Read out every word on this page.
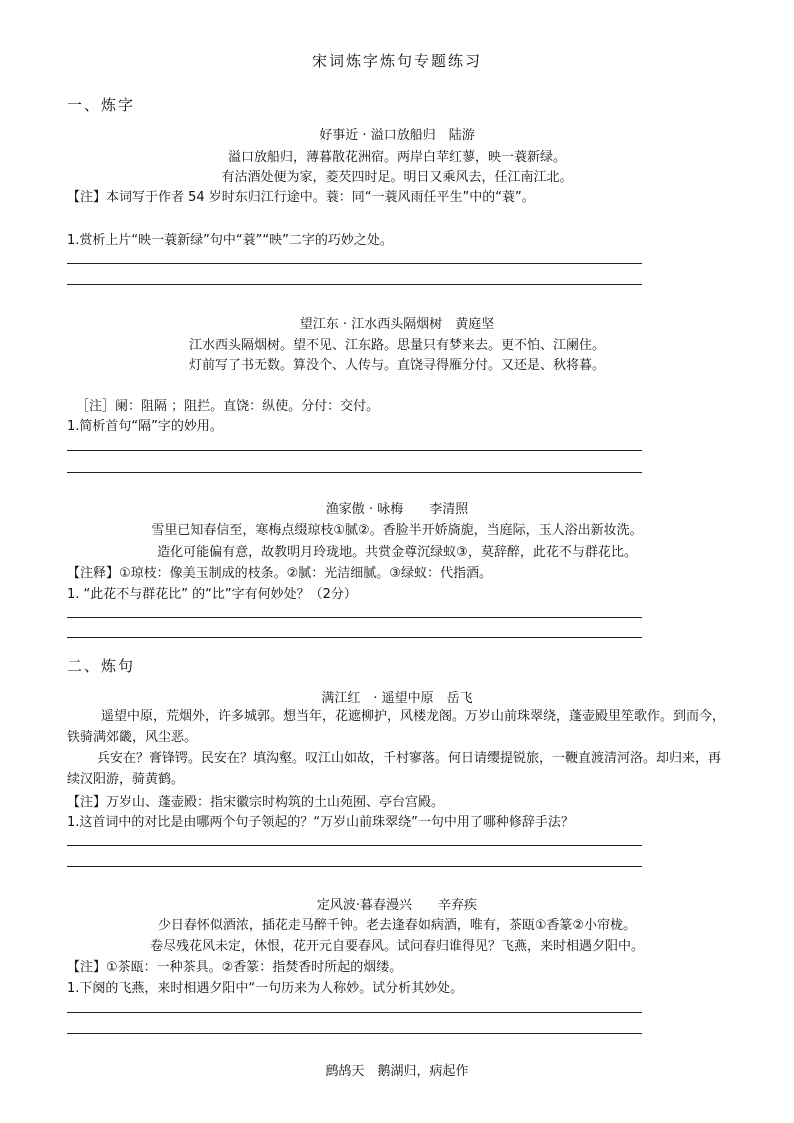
宋词炼字炼句专题练习
一、炼字
好事近 · 溢口放船归　陆游
溢口放船归，薄暮散花洲宿。两岸白苹红蓼，映一蓑新绿。
有沽酒处便为家，菱芡四时足。明日又乘风去，任江南江北。
【注】本词写于作者 54 岁时东归江行途中。蓑：同“一蓑风雨任平生”中的“蓑”。
1.赏析上片“映一蓑新绿”句中“蓑”“映”二字的巧妙之处。
望江东 · 江水西头隔烟树　黄庭坚
江水西头隔烟树。望不见、江东路。思量只有梦来去。更不怕、江阑住。
灯前写了书无数。算没个、人传与。直饶寻得雁分付。又还是、秋将暮。
［注］阑：阻隔 ；阻拦。直饶：纵使。分付：交付。
1.简析首句“隔”字的妙用。
渔家傲 · 咏梅　　李清照
雪里已知春信至，寒梅点缀琼枝①腻②。香脸半开娇旖旎，当庭际，玉人浴出新妆洗。
造化可能偏有意，故教明月玲珑地。共赏金尊沉绿蚁③，莫辞醉，此花不与群花比。
【注释】①琼枝：像美玉制成的枝条。②腻：光洁细腻。③绿蚁：代指酒。
1. “此花不与群花比” 的“比”字有何妙处？（2分）
二、炼句
满江红　· 遥望中原　岳飞
遥望中原，荒烟外，许多城郭。想当年，花遮柳护，风楼龙阁。万岁山前珠翠绕，蓬壶殿里笙歌作。到而今，铁骑满郊畿，风尘恶。
兵安在？膏锋锷。民安在？填沟壑。叹江山如故，千村寥落。何日请缨提锐旅，一鞭直渡清河洛。却归来，再续汉阳游，骑黄鹤。
【注】万岁山、蓬壶殿：指宋徽宗时构筑的土山苑囿、亭台宫殿。
1.这首词中的对比是由哪两个句子领起的？“万岁山前珠翠绕”一句中用了哪种修辞手法？
定风波·暮春漫兴　　辛弃疾
少日春怀似酒浓，插花走马醉千钟。老去逢春如病酒，唯有，茶瓯①香篆②小帘栊。
卷尽残花风未定，休恨，花开元自要春风。试问春归谁得见？飞燕，来时相遇夕阳中。
【注】①茶瓯：一种茶具。②香篆：指焚香时所起的烟缕。
1.下阕的飞燕，来时相遇夕阳中“一句历来为人称妙。试分析其妙处。
鹧鸪天　鹅湖归，病起作
